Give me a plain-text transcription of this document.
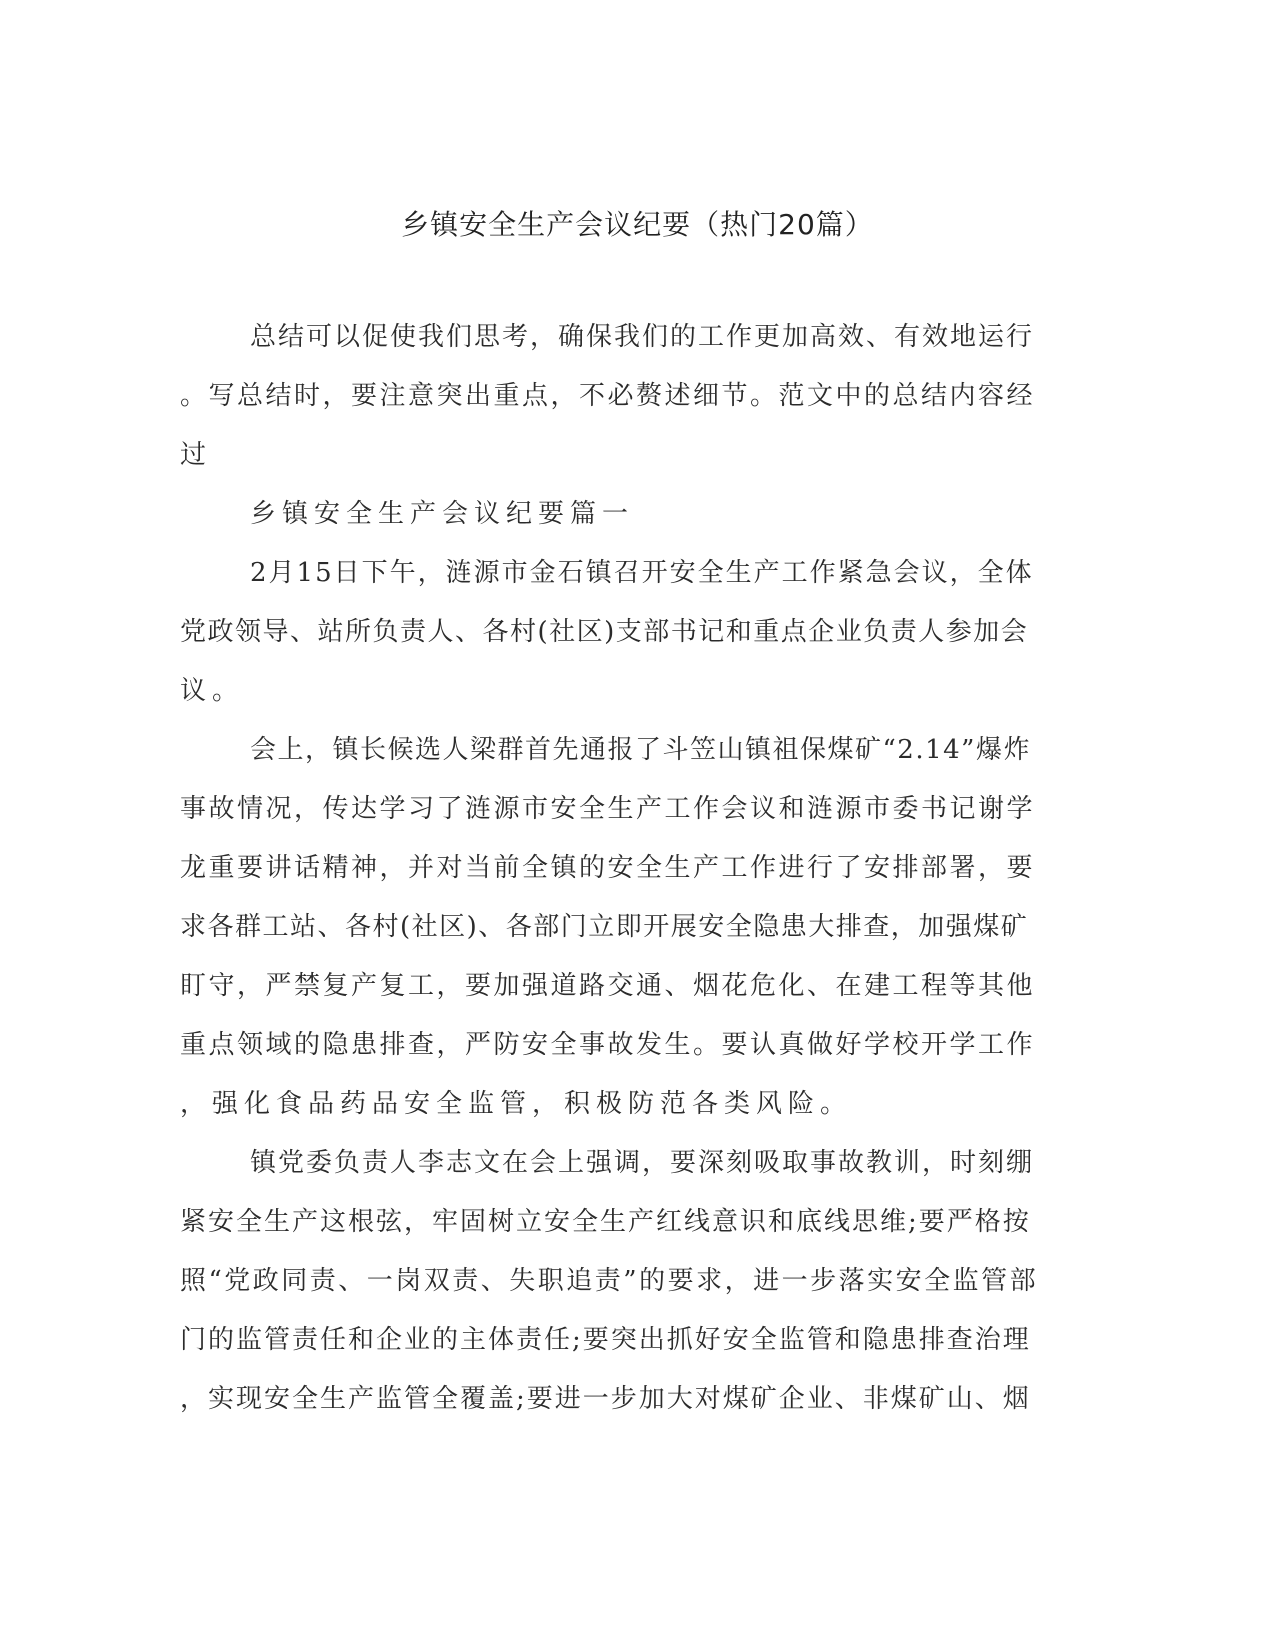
乡镇安全生产会议纪要（热门20篇）
总结可以促使我们思考，确保我们的工作更加高效、有效地运行
。写总结时，要注意突出重点，不必赘述细节。范文中的总结内容经
过
乡镇安全生产会议纪要篇一
2月15日下午，涟源市金石镇召开安全生产工作紧急会议，全体
党政领导、站所负责人、各村(社区)支部书记和重点企业负责人参加会
议。
会上，镇长候选人梁群首先通报了斗笠山镇祖保煤矿“2.14”爆炸
事故情况，传达学习了涟源市安全生产工作会议和涟源市委书记谢学
龙重要讲话精神，并对当前全镇的安全生产工作进行了安排部署，要
求各群工站、各村(社区)、各部门立即开展安全隐患大排查，加强煤矿
盯守，严禁复产复工，要加强道路交通、烟花危化、在建工程等其他
重点领域的隐患排查，严防安全事故发生。要认真做好学校开学工作
，强化食品药品安全监管，积极防范各类风险。
镇党委负责人李志文在会上强调，要深刻吸取事故教训，时刻绷
紧安全生产这根弦，牢固树立安全生产红线意识和底线思维;要严格按
照“党政同责、一岗双责、失职追责”的要求，进一步落实安全监管部
门的监管责任和企业的主体责任;要突出抓好安全监管和隐患排查治理
，实现安全生产监管全覆盖;要进一步加大对煤矿企业、非煤矿山、烟
